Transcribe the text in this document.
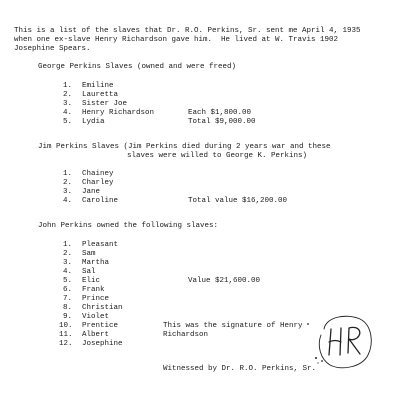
This is a list of the slaves that Dr. R.O. Perkins, Sr. sent me April 4, 1935
when one ex-slave Henry Richardson gave him.  He lived at W. Travis 1902
Josephine Spears.
George Perkins Slaves (owned and were freed)
1. Emiline
2. Lauretta
3. Sister Joe
4. Henry Richardson
5. Lydia
Each $1,800.00
Total $9,000.00
Jim Perkins Slaves (Jim Perkins died during 2 years war and these
slaves were willed to George K. Perkins)
1. Chainey
2. Charley
3. Jane
4. Caroline	Total value $16,200.00
John Perkins owned the following slaves:
1. Pleasant
2. Sam
3. Martha
4. Sal
5. Elic
6. Frank
7. Prince
8. Christian
9. Violet
10. Prentice
11. Albert
12. Josephine
Value $21,600.00
This was the signature of Henry
Richardson
Witnessed by Dr. R.O. Perkins, Sr.
